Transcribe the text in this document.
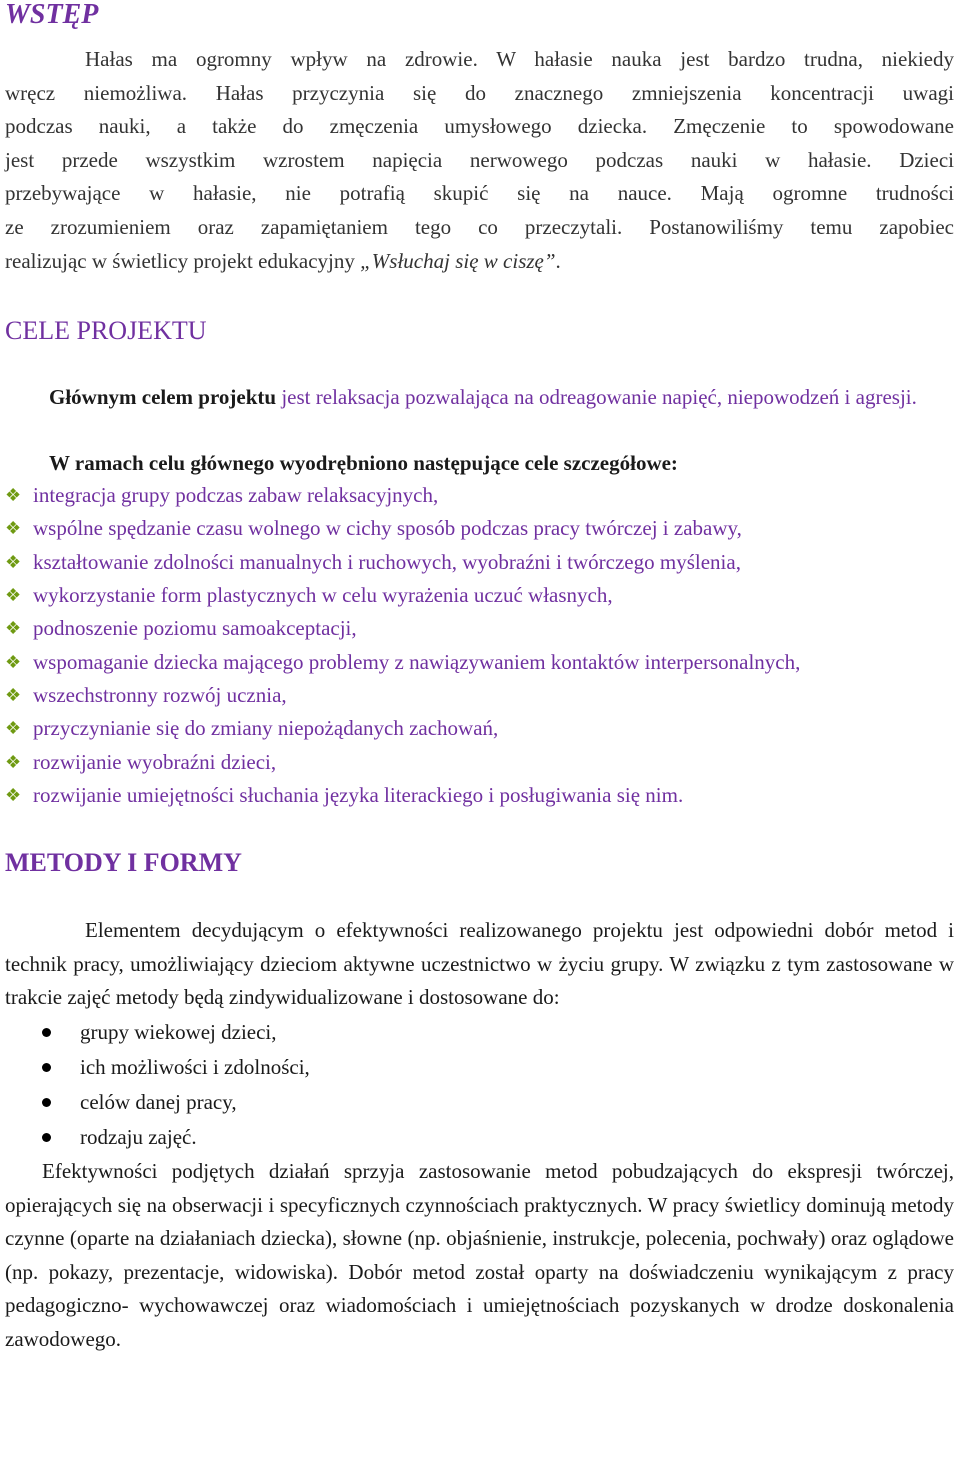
WSTĘP
Hałas ma ogromny wpływ na zdrowie. W hałasie nauka jest bardzo trudna, niekiedy
wręcz niemożliwa. Hałas przyczynia się do znacznego zmniejszenia koncentracji uwagi
podczas nauki, a także do zmęczenia umysłowego dziecka. Zmęczenie to spowodowane
jest przede wszystkim wzrostem napięcia nerwowego podczas nauki w hałasie. Dzieci
przebywające w hałasie, nie potrafią skupić się na nauce. Mają ogromne trudności
ze zrozumieniem oraz zapamiętaniem tego co przeczytali. Postanowiliśmy temu zapobiec
realizując w świetlicy projekt edukacyjny „Wsłuchaj się w ciszę”.
CELE PROJEKTU

Głównym celem projektu jest relaksacja pozwalająca na odreagowanie napięć, niepowodzeń i agresji.

W ramach celu głównego wyodrębniono następujące cele szczegółowe:

❖ integracja grupy podczas zabaw relaksacyjnych,
❖ wspólne spędzanie czasu wolnego w cichy sposób podczas pracy twórczej i zabawy,
❖ kształtowanie zdolności manualnych i ruchowych, wyobraźni i twórczego myślenia,
❖ wykorzystanie form plastycznych w celu wyrażenia uczuć własnych,
❖ podnoszenie poziomu samoakceptacji,
❖ wspomaganie dziecka mającego problemy z nawiązywaniem kontaktów interpersonalnych,
❖ wszechstronny rozwój ucznia,
❖ przyczynianie się do zmiany niepożądanych zachowań,
❖ rozwijanie wyobraźni dzieci,
❖ rozwijanie umiejętności słuchania języka literackiego i posługiwania się nim.
METODY I FORMY

Elementem decydującym o efektywności realizowanego projektu jest odpowiedni dobór metod i technik pracy, umożliwiający dzieciom aktywne uczestnictwo w życiu grupy. W związku z tym zastosowane w trakcie zajęć metody będą zindywidualizowane i dostosowane do:

grupy wiekowej dzieci,
ich możliwości i zdolności,
celów danej pracy,
rodzaju zajęć.

Efektywności podjętych działań sprzyja zastosowanie metod pobudzających do ekspresji twórczej, opierających się na obserwacji i specyficznych czynnościach praktycznych. W pracy świetlicy dominują metody czynne (oparte na działaniach dziecka), słowne (np. objaśnienie, instrukcje, polecenia, pochwały) oraz oglądowe (np. pokazy, prezentacje, widowiska). Dobór metod został oparty na doświadczeniu wynikającym z pracy pedagogiczno- wychowawczej oraz wiadomościach i umiejętnościach pozyskanych w drodze doskonalenia zawodowego.
